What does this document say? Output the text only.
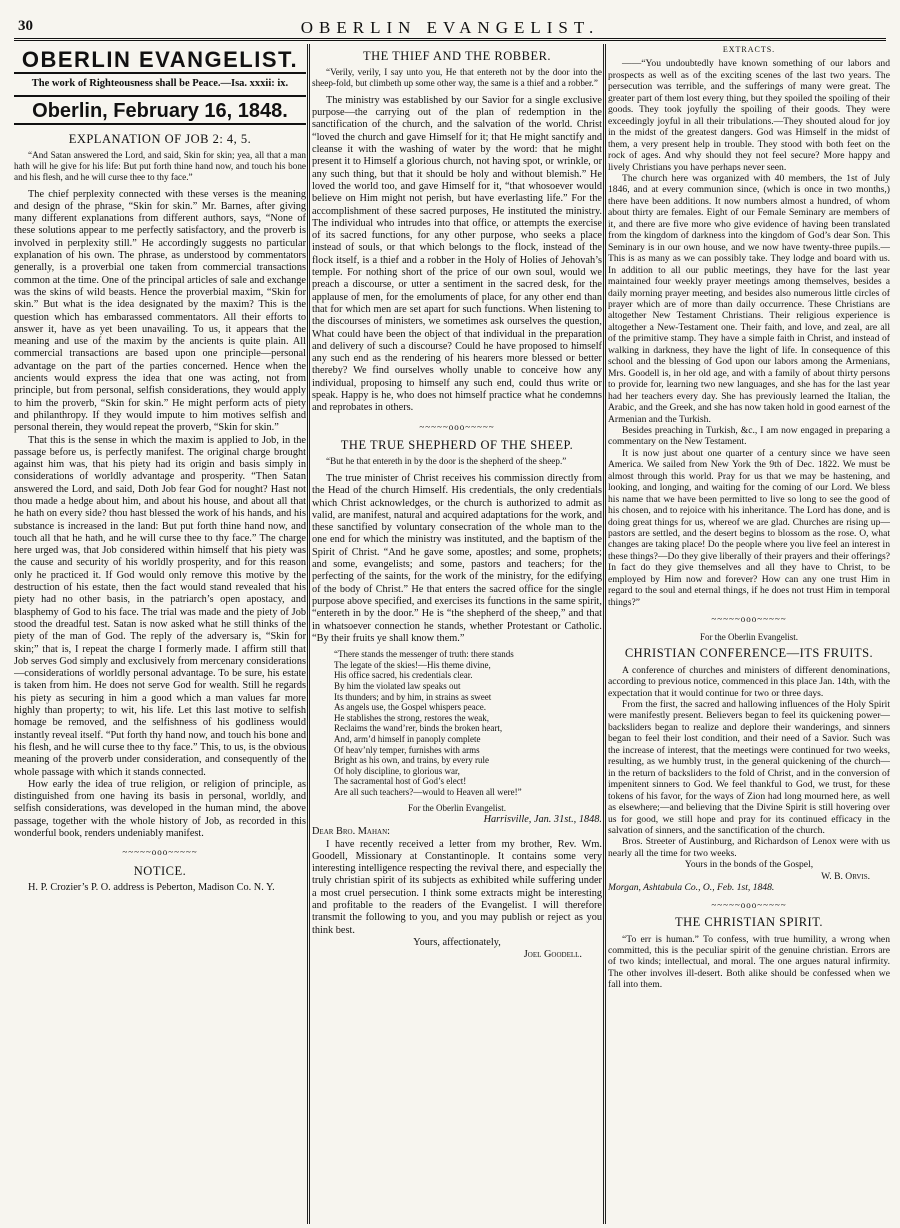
30	OBERLIN EVANGELIST.
OBERLIN EVANGELIST.
The work of Righteousness shall be Peace.—Isa. xxxii: ix.
Oberlin, February 16, 1848.
EXPLANATION OF JOB 2: 4, 5.

“And Satan answered the Lord, and said, Skin for skin; yea, all that a man hath will he give for his life: But put forth thine hand now, and touch his bone and his flesh, and he will curse thee to thy face.”

The chief perplexity connected with these verses is the meaning and design of the phrase, “Skin for skin.” Mr. Barnes, after giving many different explanations from different authors, says, “None of these solutions appear to me perfectly satisfactory, and the proverb is involved in perplexity still.” He accordingly suggests no particular explanation of his own. The phrase, as understood by commentators generally, is a proverbial one taken from commercial transactions common at the time. One of the principal articles of sale and exchange was the skins of wild beasts. Hence the proverbial maxim, “Skin for skin.” But what is the idea designated by the maxim? This is the question which has embarassed commentators. All their efforts to answer it, have as yet been unavailing. To us, it appears that the meaning and use of the maxim by the ancients is quite plain. All commercial transactions are based upon one principle—personal advantage on the part of the parties concerned. Hence when the ancients would express the idea that one was acting, not from principle, but from personal, selfish considerations, they would apply to him the proverb, “Skin for skin.” He might perform acts of piety and philanthropy. If they would impute to him motives selfish and personal therein, they would repeat the proverb, “Skin for skin.”

That this is the sense in which the maxim is applied to Job, in the passage before us, is perfectly manifest. The original charge brought against him was, that his piety had its origin and basis simply in considerations of worldly advantage and prosperity. “Then Satan answered the Lord, and said, Doth Job fear God for nought? Hast not thou made a hedge about him, and about his house, and about all that he hath on every side? thou hast blessed the work of his hands, and his substance is increased in the land: But put forth thine hand now, and touch all that he hath, and he will curse thee to thy face.” The charge here urged was, that Job considered within himself that his piety was the cause and security of his worldly prosperity, and for this reason only he practiced it. If God would only remove this motive by the destruction of his estate, then the fact would stand revealed that his piety had no other basis, in the patriarch’s open apostacy, and blasphemy of God to his face. The trial was made and the piety of Job stood the dreadful test. Satan is now asked what he still thinks of the piety of the man of God. The reply of the adversary is, “Skin for skin;” that is, I repeat the charge I formerly made. I affirm still that Job serves God simply and exclusively from mercenary considerations—considerations of worldly personal advantage. To be sure, his estate is taken from him. He does not serve God for wealth. Still he regards his piety as securing in him a good which a man values far more highly than property; to wit, his life. Let this last motive to selfish homage be removed, and the selfishness of his godliness would instantly reveal itself. “Put forth thy hand now, and touch his bone and his flesh, and he will curse thee to thy face.” This, to us, is the obvious meaning of the proverb under consideration, and consequently of the whole passage with which it stands connected.

How early the idea of true religion, or religion of principle, as distinguished from one having its basis in personal, worldly, and selfish considerations, was developed in the human mind, the above passage, together with the whole history of Job, as recorded in this wonderful book, renders undeniably manifest.

~~~~~ooo~~~~~
NOTICE.

H. P. Crozier’s P. O. address is Peberton, Madison Co. N. Y.

THE THIEF AND THE ROBBER.

“Verily, verily, I say unto you, He that entereth not by the door into the sheep-fold, but climbeth up some other way, the same is a thief and a robber.”

The ministry was established by our Savior for a single exclusive purpose—the carrying out of the plan of redemption in the sanctification of the church, and the salvation of the world. Christ “loved the church and gave Himself for it; that He might sanctify and cleanse it with the washing of water by the word: that he might present it to Himself a glorious church, not having spot, or wrinkle, or any such thing, but that it should be holy and without blemish.” He loved the world too, and gave Himself for it, “that whosoever would believe on Him might not perish, but have everlasting life.” For the accomplishment of these sacred purposes, He instituted the ministry. The individual who intrudes into that office, or attempts the exercise of its sacred functions, for any other purpose, who seeks a place instead of souls, or that which belongs to the flock, instead of the flock itself, is a thief and a robber in the Holy of Holies of Jehovah’s temple. For nothing short of the price of our own soul, would we preach a discourse, or utter a sentiment in the sacred desk, for the applause of men, for the emoluments of place, for any other end than that for which men are set apart for such functions. When listening to the discourses of ministers, we sometimes ask ourselves the question, What could have been the object of that individual in the preparation and delivery of such a discourse? Could he have proposed to himself any such end as the rendering of his hearers more blessed or better thereby? We find ourselves wholly unable to conceive how any individual, proposing to himself any such end, could thus write or speak. Happy is he, who does not himself practice what he condemns and reprobates in others.

~~~~~ooo~~~~~
THE TRUE SHEPHERD OF THE SHEEP.

“But he that entereth in by the door is the shepherd of the sheep.”

The true minister of Christ receives his commission directly from the Head of the church Himself. His credentials, the only credentials which Christ acknowledges, or the church is authorized to admit as valid, are manifest, natural and acquired adaptations for the work, and these sanctified by voluntary consecration of the whole man to the one end for which the ministry was instituted, and the baptism of the Spirit of Christ. “And he gave some, apostles; and some, prophets; and some, evangelists; and some, pastors and teachers; for the perfecting of the saints, for the work of the ministry, for the edifying of the body of Christ.” He that enters the sacred office for the single purpose above specified, and exercises its functions in the same spirit, “entereth in by the door.” He is “the shepherd of the sheep,” and that in whatsoever connection he stands, whether Protestant or Catholic. “By their fruits ye shall know them.”

“There stands the messenger of truth: there stands
The legate of the skies!—His theme divine,
His office sacred, his credentials clear.
By him the violated law speaks out
Its thunders; and by him, in strains as sweet
As angels use, the Gospel whispers peace.
He stablishes the strong, restores the weak,
Reclaims the wand’rer, binds the broken heart,
And, arm’d himself in panoply complete
Of heav’nly temper, furnishes with arms
Bright as his own, and trains, by every rule
Of holy discipline, to glorious war,
The sacramental host of God’s elect!
Are all such teachers?—would to Heaven all were!”

For the Oberlin Evangelist.

Harrisville, Jan. 31st., 1848.

Dear Bro. Mahan:

I have recently received a letter from my brother, Rev. Wm. Goodell, Missionary at Constantinople. It contains some very interesting intelligence respecting the revival there, and especially the truly christian spirit of its subjects as exhibited while suffering under a most cruel persecution. I think some extracts might be interesting and profitable to the readers of the Evangelist. I will therefore transmit the following to you, and you may publish or reject as you think best.

Yours, affectionately,

Joel Goodell.

EXTRACTS.

——“You undoubtedly have known something of our labors and prospects as well as of the exciting scenes of the last two years. The persecution was terrible, and the sufferings of many were great. The greater part of them lost every thing, but they spoiled the spoiling of their goods. They took joyfully the spoiling of their goods. They were exceedingly joyful in all their tribulations.—They shouted aloud for joy in the midst of the greatest dangers. God was Himself in the midst of them, a very present help in trouble. They stood with both feet on the rock of ages. And why should they not feel secure? More happy and lively Christians you have perhaps never seen.

The church here was organized with 40 members, the 1st of July 1846, and at every communion since, (which is once in two months,) there have been additions. It now numbers almost a hundred, of whom about thirty are females. Eight of our Female Seminary are members of it, and there are five more who give evidence of having been translated from the kingdom of darkness into the kingdom of God’s dear Son. This Seminary is in our own house, and we now have twenty-three pupils.—This is as many as we can possibly take. They lodge and board with us. In addition to all our public meetings, they have for the last year maintained four weekly prayer meetings among themselves, besides a daily morning prayer meeting, and besides also numerous little circles of prayer which are of more than daily occurrence. These Christians are altogether New Testament Christians. Their religious experience is altogether a New-Testament one. Their faith, and love, and zeal, are all of the primitive stamp. They have a simple faith in Christ, and instead of walking in darkness, they have the light of life. In consequence of this school and the blessing of God upon our labors among the Armenians, Mrs. Goodell is, in her old age, and with a family of about thirty persons to provide for, learning two new languages, and she has for the last year had her teachers every day. She has previously learned the Italian, the Arabic, and the Greek, and she has now taken hold in good earnest of the Armenian and the Turkish.

Besides preaching in Turkish, &c., I am now engaged in preparing a commentary on the New Testament.

It is now just about one quarter of a century since we have seen America. We sailed from New York the 9th of Dec. 1822. We must be almost through this world. Pray for us that we may be hastening, and looking, and longing, and waiting for the coming of our Lord. We bless his name that we have been permitted to live so long to see the good of his chosen, and to rejoice with his inheritance. The Lord has done, and is doing great things for us, whereof we are glad. Churches are rising up—pastors are settled, and the desert begins to blossom as the rose. O, what changes are taking place! Do the people where you live feel an interest in these things?—Do they give liberally of their prayers and their offerings? In fact do they give themselves and all they have to Christ, to be employed by Him now and forever? How can any one trust Him in regard to the soul and eternal things, if he does not trust Him in temporal things?”

~~~~~ooo~~~~~

For the Oberlin Evangelist.

CHRISTIAN CONFERENCE—ITS FRUITS.

A conference of churches and ministers of different denominations, according to previous notice, commenced in this place Jan. 14th, with the expectation that it would continue for two or three days.

From the first, the sacred and hallowing influences of the Holy Spirit were manifestly present. Believers began to feel its quickening power—backsliders began to realize and deplore their wanderings, and sinners began to feel their lost condition, and their need of a Savior. Such was the increase of interest, that the meetings were continued for two weeks, resulting, as we humbly trust, in the general quickening of the church—in the return of backsliders to the fold of Christ, and in the conversion of impenitent sinners to God. We feel thankful to God, we trust, for these tokens of his favor, for the ways of Zion had long mourned here, as well as elsewhere;—and believing that the Divine Spirit is still hovering over us for good, we still hope and pray for its continued efficacy in the salvation of sinners, and the sanctification of the church.

Bros. Streeter of Austinburg, and Richardson of Lenox were with us nearly all the time for two weeks.

Yours in the bonds of the Gospel,

W. B. Orvis.

Morgan, Ashtabula Co., O., Feb. 1st, 1848.

~~~~~ooo~~~~~
THE CHRISTIAN SPIRIT.

“To err is human.” To confess, with true humility, a wrong when committed, this is the peculiar spirit of the genuine christian. Errors are of two kinds; intellectual, and moral. The one argues natural infirmity. The other involves ill-desert. Both alike should be confessed when we fall into them.
